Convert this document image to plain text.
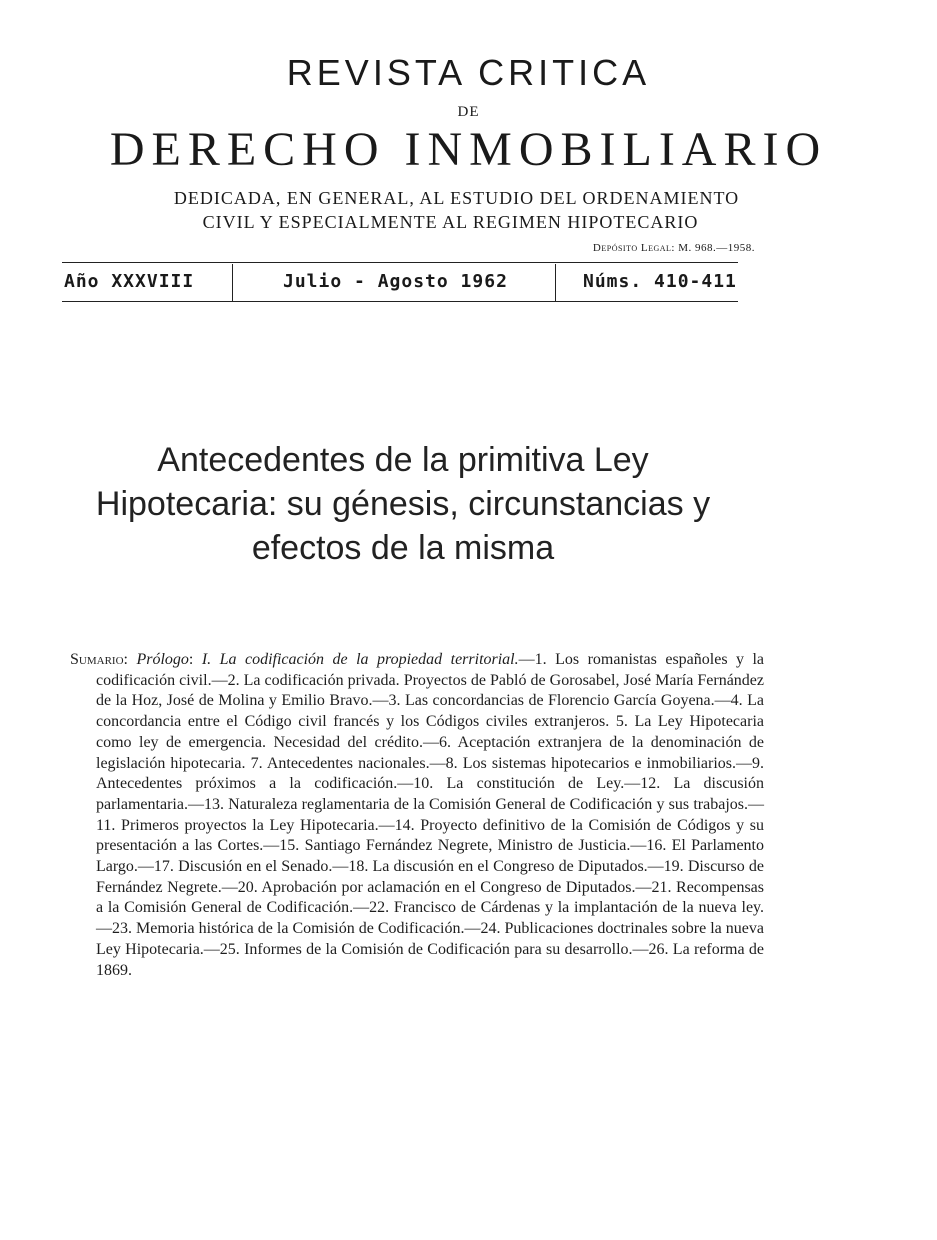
REVISTA CRITICA
DE
DERECHO INMOBILIARIO
DEDICADA, EN GENERAL, AL ESTUDIO DEL ORDENAMIENTO
CIVIL Y ESPECIALMENTE AL REGIMEN HIPOTECARIO
Depósito Legal: M. 968.—1958.
Año XXXVIII	Julio - Agosto 1962	Núms. 410-411
Antecedentes de la primitiva Ley Hipotecaria: su génesis, circunstancias y efectos de la misma
Sumario: Prólogo: I. La codificación de la propiedad territorial.—1. Los romanistas españoles y la codificación civil.—2. La codificación privada. Proyectos de Pabló de Gorosabel, José María Fernández de la Hoz, José de Molina y Emilio Bravo.—3. Las concordancias de Florencio García Goyena.—4. La concordancia entre el Código civil francés y los Códigos civiles extranjeros. 5. La Ley Hipotecaria como ley de emergencia. Necesidad del crédito.—6. Aceptación extranjera de la denominación de legislación hipotecaria. 7. Antecedentes nacionales.—8. Los sistemas hipotecarios e inmobiliarios.—9. Antecedentes próximos a la codificación.—10. La constitución de Ley.—12. La discusión parlamentaria.—13. Naturaleza reglamentaria de la Comisión General de Codificación y sus trabajos.—11. Primeros proyectos la Ley Hipotecaria.—14. Proyecto definitivo de la Comisión de Códigos y su presentación a las Cortes.—15. Santiago Fernández Negrete, Ministro de Justicia.—16. El Parlamento Largo.—17. Discusión en el Senado.—18. La discusión en el Congreso de Diputados.—19. Discurso de Fernández Negrete.—20. Aprobación por aclamación en el Congreso de Diputados.—21. Recompensas a la Comisión General de Codificación.—22. Francisco de Cárdenas y la implantación de la nueva ley.—23. Memoria histórica de la Comisión de Codificación.—24. Publicaciones doctrinales sobre la nueva Ley Hipotecaria.—25. Informes de la Comisión de Codificación para su desarrollo.—26. La reforma de 1869.
